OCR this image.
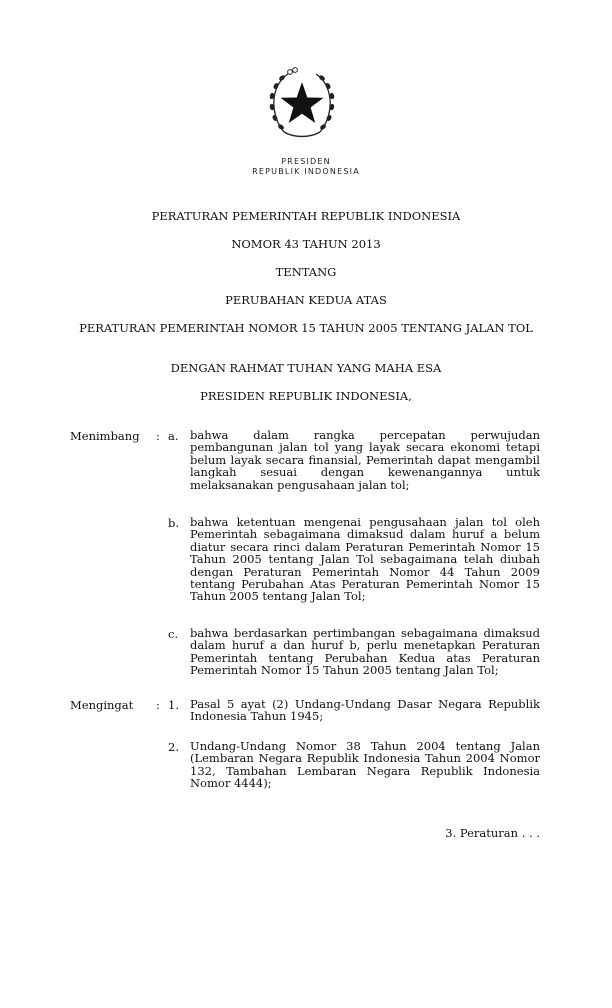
PRESIDEN
REPUBLIK INDONESIA
PERATURAN PEMERINTAH REPUBLIK INDONESIA
NOMOR 43 TAHUN 2013
TENTANG
PERUBAHAN KEDUA ATAS
PERATURAN PEMERINTAH NOMOR 15 TAHUN 2005 TENTANG JALAN TOL
DENGAN RAHMAT TUHAN YANG MAHA ESA
PRESIDEN REPUBLIK INDONESIA,
Menimbang : a. bahwa dalam rangka percepatan perwujudan pembangunan jalan tol yang layak secara ekonomi tetapi belum layak secara finansial, Pemerintah dapat mengambil langkah sesuai dengan kewenangannya untuk melaksanakan pengusahaan jalan tol;
b. bahwa ketentuan mengenai pengusahaan jalan tol oleh Pemerintah sebagaimana dimaksud dalam huruf a belum diatur secara rinci dalam Peraturan Pemerintah Nomor 15 Tahun 2005 tentang Jalan Tol sebagaimana telah diubah dengan Peraturan Pemerintah Nomor 44 Tahun 2009 tentang Perubahan Atas Peraturan Pemerintah Nomor 15 Tahun 2005 tentang Jalan Tol;
c. bahwa berdasarkan pertimbangan sebagaimana dimaksud dalam huruf a dan huruf b, perlu menetapkan Peraturan Pemerintah tentang Perubahan Kedua atas Peraturan Pemerintah Nomor 15 Tahun 2005 tentang Jalan Tol;
Mengingat : 1. Pasal 5 ayat (2) Undang-Undang Dasar Negara Republik Indonesia Tahun 1945;
2. Undang-Undang Nomor 38 Tahun 2004 tentang Jalan (Lembaran Negara Republik Indonesia Tahun 2004 Nomor 132, Tambahan Lembaran Negara Republik Indonesia Nomor 4444);
3. Peraturan . . .
